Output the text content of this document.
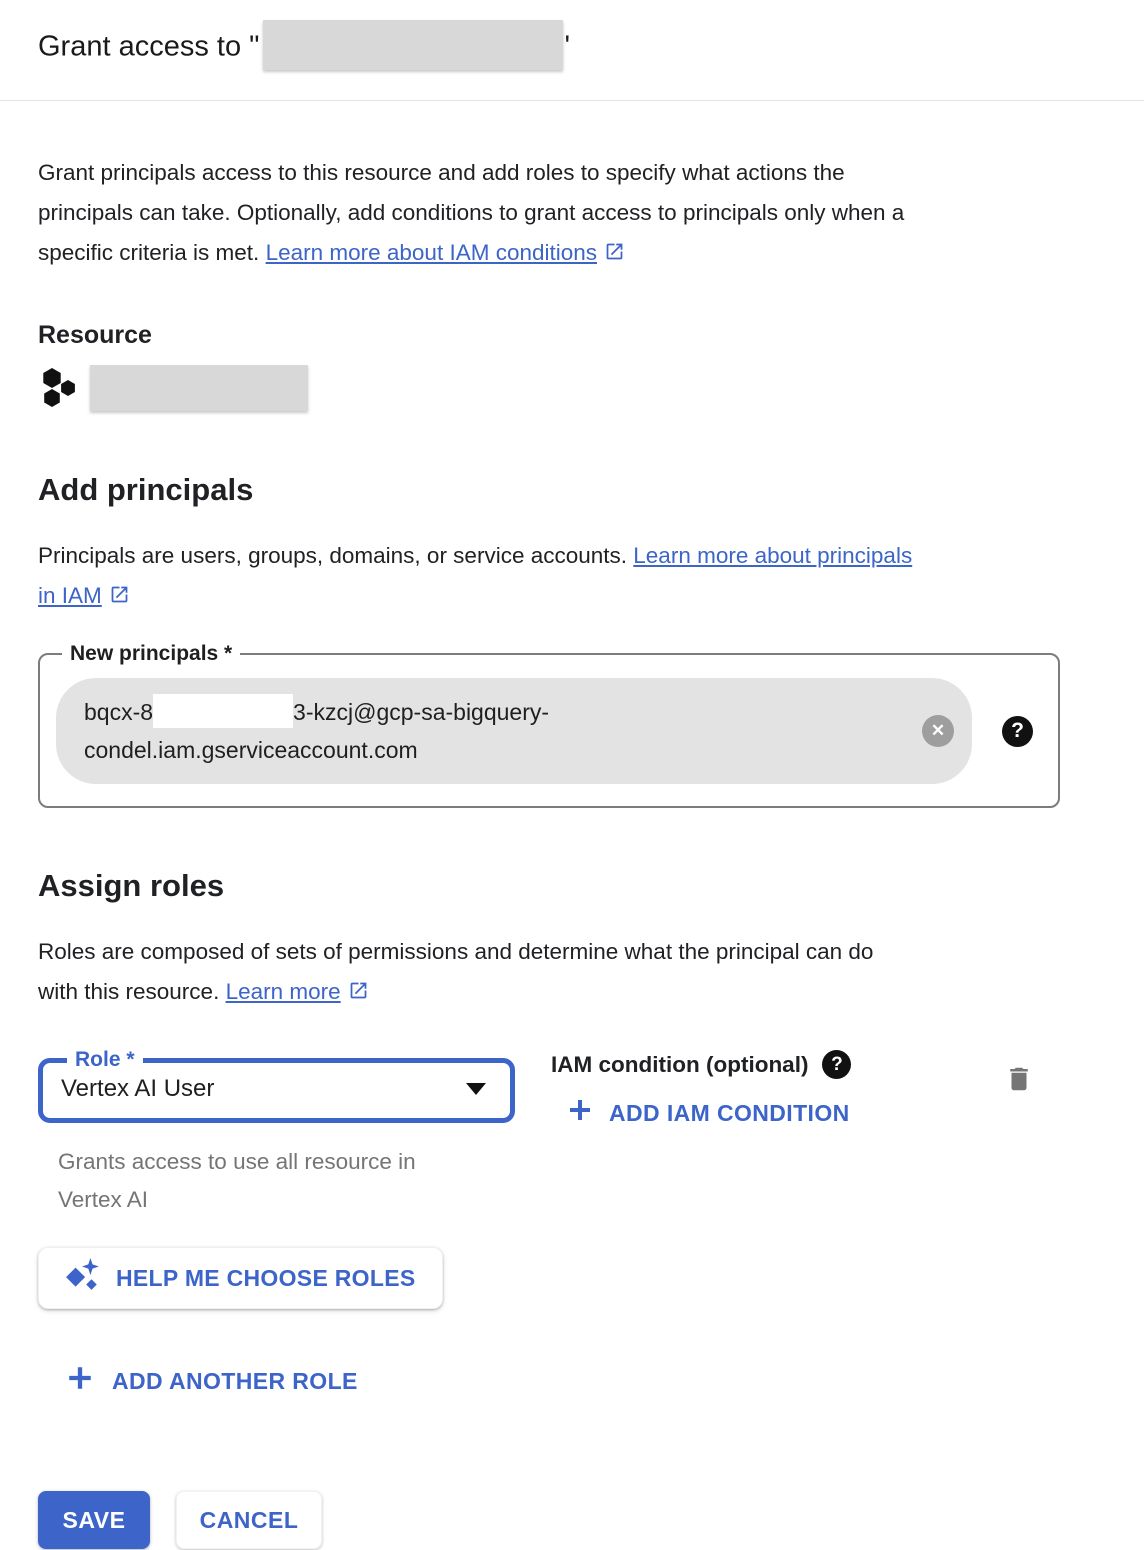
Grant access to "	'
Grant principals access to this resource and add roles to specify what actions the
principals can take. Optionally, add conditions to grant access to principals only when a
specific criteria is met. Learn more about IAM conditions
Resource
Add principals
Principals are users, groups, domains, or service accounts. Learn more about principals
in IAM
New principals *
bqcx-8	3-kzcj@gcp-sa-bigquery-
condel.iam.gserviceaccount.com
✕	?
Assign roles
Roles are composed of sets of permissions and determine what the principal can do
with this resource. Learn more
Role *
Vertex AI User
IAM condition (optional)	?
ADD IAM CONDITION
Grants access to use all resource in
Vertex AI
HELP ME CHOOSE ROLES
ADD ANOTHER ROLE
SAVE	CANCEL
